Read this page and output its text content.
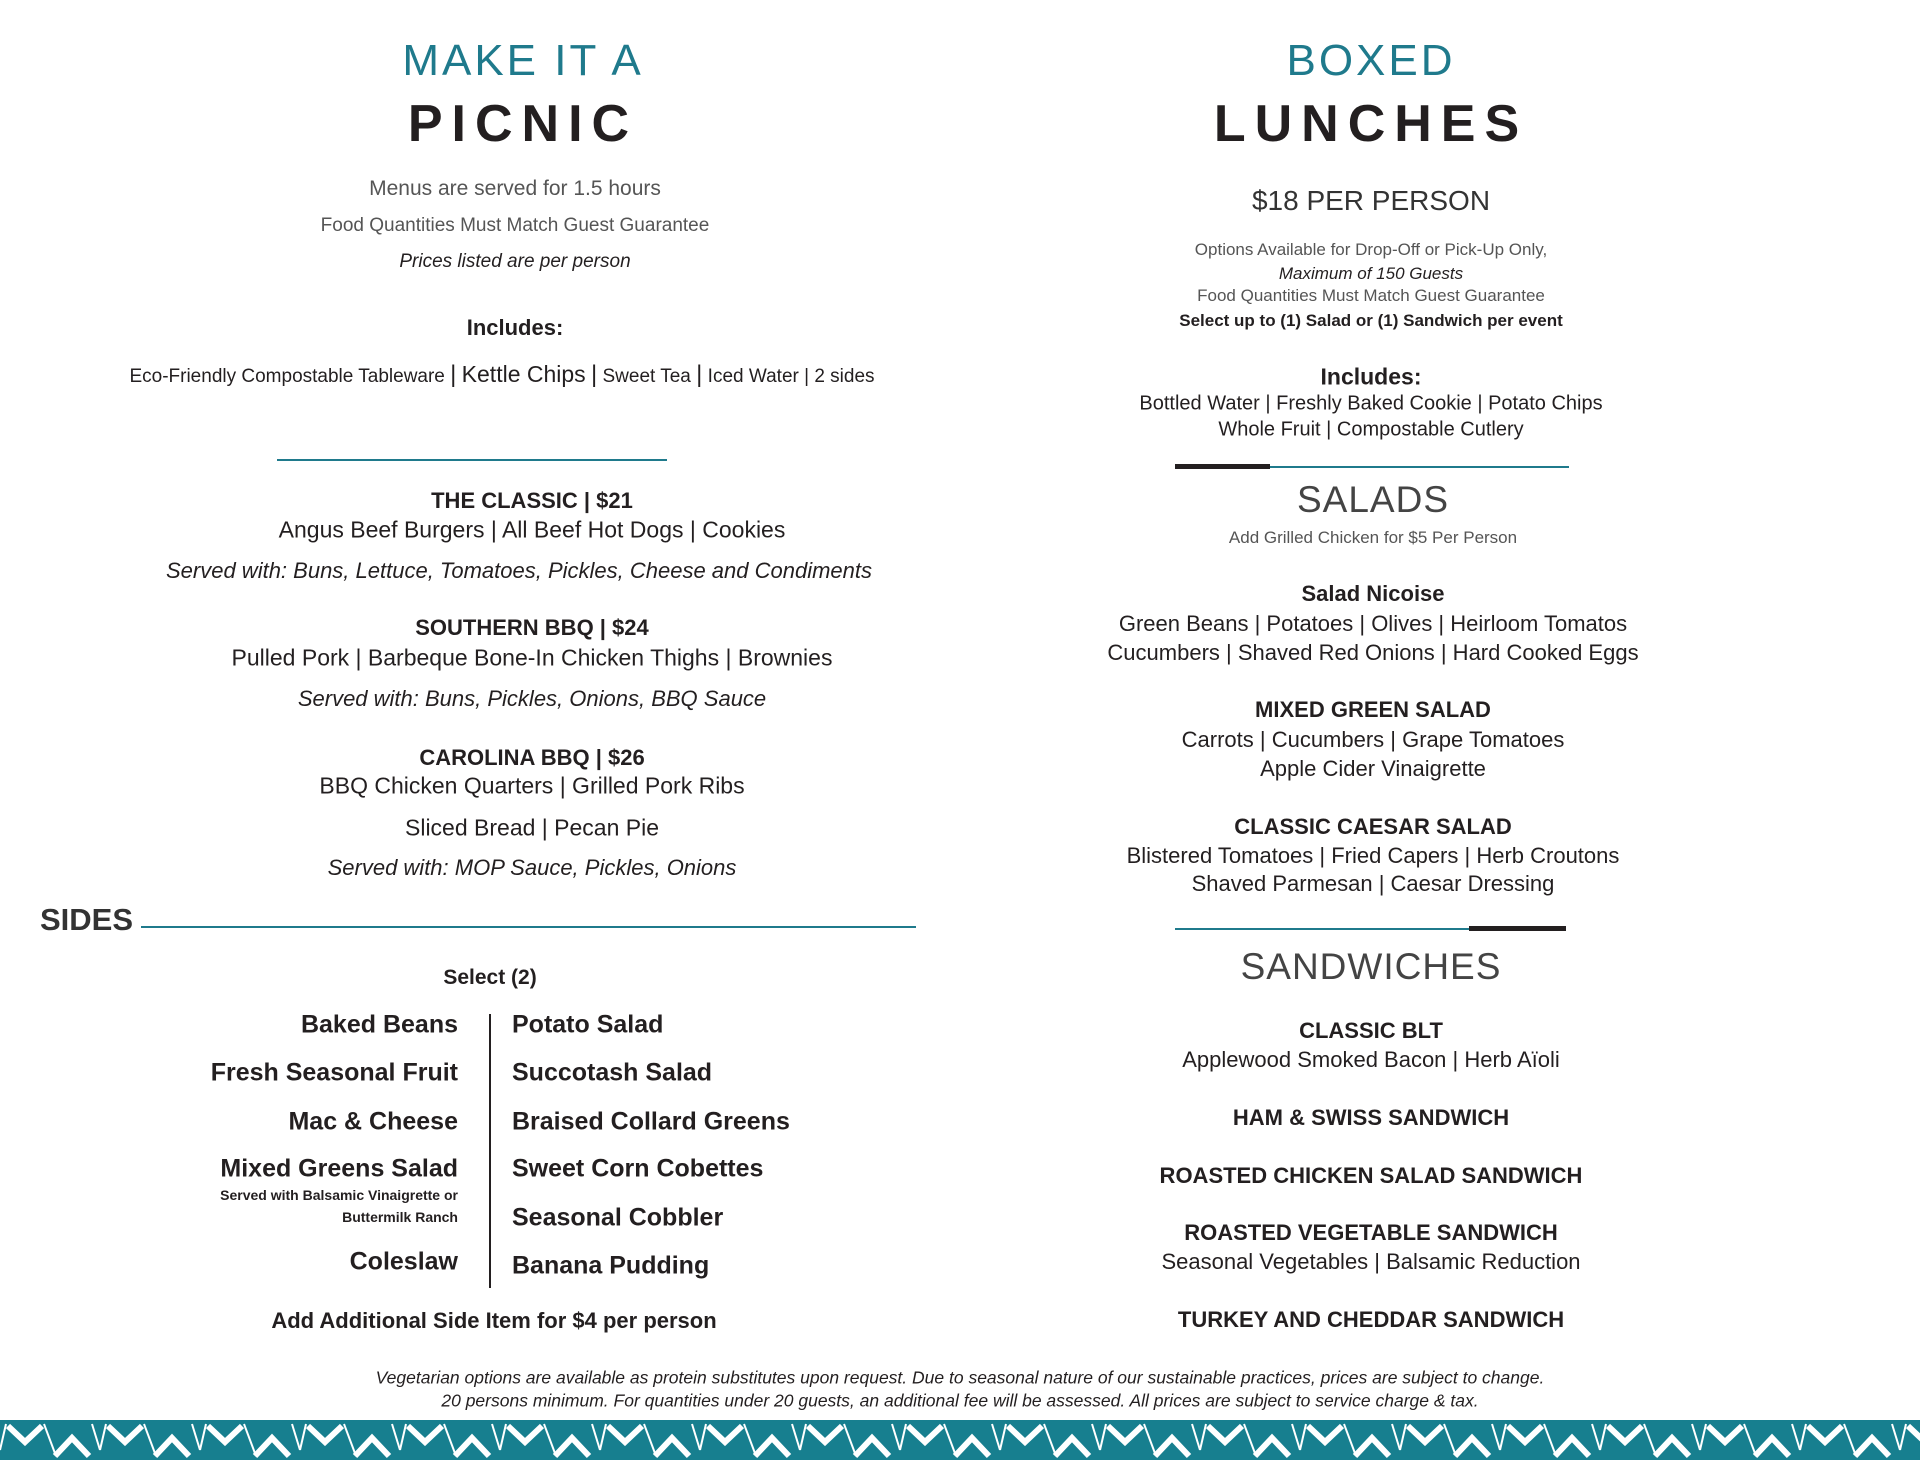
MAKE IT A
PICNIC
Menus are served for 1.5 hours
Food Quantities Must Match Guest Guarantee
Prices listed are per person
Includes:
Eco-Friendly Compostable Tableware | Kettle Chips | Sweet Tea | Iced Water | 2 sides
THE CLASSIC | $21
Angus Beef Burgers | All Beef Hot Dogs | Cookies
Served with: Buns, Lettuce, Tomatoes, Pickles, Cheese and Condiments
SOUTHERN BBQ | $24
Pulled Pork | Barbeque Bone-In Chicken Thighs | Brownies
Served with: Buns, Pickles, Onions, BBQ Sauce
CAROLINA BBQ | $26
BBQ Chicken Quarters | Grilled Pork Ribs
Sliced Bread | Pecan Pie
Served with: MOP Sauce, Pickles, Onions
SIDES
Select (2)
Baked Beans
Fresh Seasonal Fruit
Mac & Cheese
Mixed Greens Salad
Served with Balsamic Vinaigrette or
Buttermilk Ranch
Coleslaw
Potato Salad
Succotash Salad
Braised Collard Greens
Sweet Corn Cobettes
Seasonal Cobbler
Banana Pudding
Add Additional Side Item for $4 per person
BOXED
LUNCHES
$18 PER PERSON
Options Available for Drop-Off or Pick-Up Only,
Maximum of 150 Guests
Food Quantities Must Match Guest Guarantee
Select up to (1) Salad or (1) Sandwich per event
Includes:
Bottled Water | Freshly Baked Cookie | Potato Chips
Whole Fruit | Compostable Cutlery
SALADS
Add Grilled Chicken for $5 Per Person
Salad Nicoise
Green Beans | Potatoes | Olives | Heirloom Tomatos
Cucumbers | Shaved Red Onions | Hard Cooked Eggs
MIXED GREEN SALAD
Carrots | Cucumbers | Grape Tomatoes
Apple Cider Vinaigrette
CLASSIC CAESAR SALAD
Blistered Tomatoes | Fried Capers | Herb Croutons
Shaved Parmesan | Caesar Dressing
SANDWICHES
CLASSIC BLT
Applewood Smoked Bacon | Herb Aïoli
HAM & SWISS SANDWICH
ROASTED CHICKEN SALAD SANDWICH
ROASTED VEGETABLE SANDWICH
Seasonal Vegetables | Balsamic Reduction
TURKEY AND CHEDDAR SANDWICH
Vegetarian options are available as protein substitutes upon request. Due to seasonal nature of our sustainable practices, prices are subject to change.
20 persons minimum. For quantities under 20 guests, an additional fee will be assessed. All prices are subject to service charge & tax.
